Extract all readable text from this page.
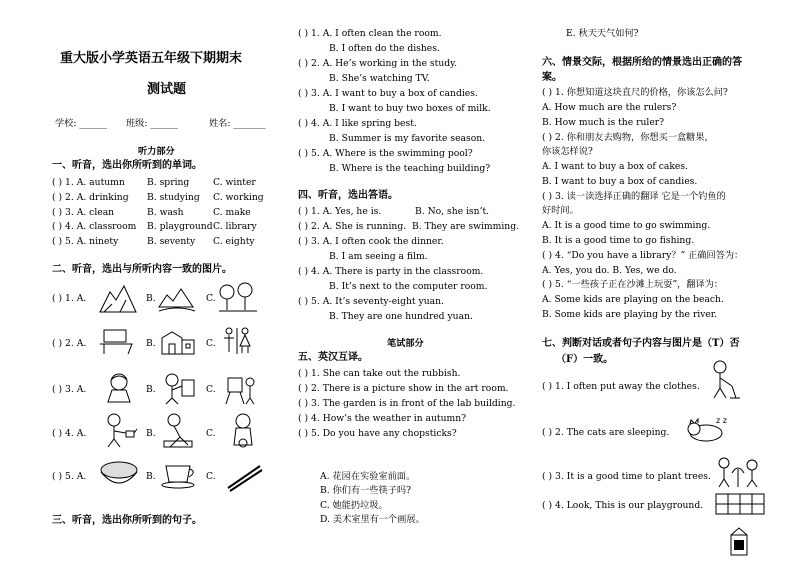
重大版小学英语五年级下期期末
测试题
学校: ______ 班级: ______	姓名: _______
听力部分
一、听音，选出你所听到的单词。
( ) 1. A. autumn B. spring	C. winter
( ) 2. A. drinking B. studying C. working
( ) 3. A. clean	B. wash	C. make
( ) 4. A. classroom B. playground C. library
( ) 5. A. ninety	B. seventy C. eighty
二、听音，选出与所听内容一致的图片。
( ) 1. A.	B.	C.
( ) 2. A.	B.	C.
( ) 3. A.	B.	C.
( ) 4. A.	B.	C.
( ) 5. A.	B.	C.
三、听音，选出你所听到的句子。
( ) 1. A. I often clean the room.
B. I often do the dishes.
( ) 2. A. He’s working in the study.
B. She’s watching TV.
( ) 3. A. I want to buy a box of candies.
B. I want to buy two boxes of milk.
( ) 4. A. I like spring best.
B. Summer is my favorite season.
( ) 5. A. Where is the swimming pool?
B. Where is the teaching building?
四、听音，选出答语。
( ) 1. A. Yes, he is.	B. No, she isn’t.
( ) 2. A. She is running. B. They are swimming.
( ) 3. A. I often cook the dinner.
B. I am seeing a film.
( ) 4. A. There is party in the classroom.
B. It’s next to the computer room.
( ) 5. A. It’s seventy-eight yuan.
B. They are one hundred yuan.
笔试部分
五、英汉互译。
( ) 1. She can take out the rubbish.
( ) 2. There is a picture show in the art room.
( ) 3. The garden is in front of the lab building.
( ) 4. How’s the weather in autumn?
( ) 5. Do you have any chopsticks?
A. 花园在实验室前面。
B. 你们有一些筷子吗?
C. 她能扔垃圾。
D. 美术室里有一个画展。
E. 秋天天气如何?
六、情景交际，根据所给的情景选出正确的答
案。
( ) 1. 你想知道这块直尺的价格，你该怎么问?
A. How much are the rulers?
B. How much is the ruler?
( ) 2. 你和朋友去购物，你想买一盒糖果，
你该怎样说?
A. I want to buy a box of cakes.
B. I want to buy a box of candies.
( ) 3. 读一读选择正确的翻译 它是一个钓鱼的
好时间。
A. It is a good time to go swimming.
B. It is a good time to go fishing.
( ) 4. “Do you have a library？” 正确回答为：
A. Yes, you do. B. Yes, we do.
( ) 5. “一些孩子正在沙滩上玩耍”，翻译为：
A. Some kids are playing on the beach.
B. Some kids are playing by the river.
七、判断对话或者句子内容与图片是（T）否
（F）一致。
( ) 1. I often put away the clothes.
( ) 2. The cats are sleeping.
z z
( ) 3. It is a good time to plant trees.
( ) 4. Look, This is our playground.
